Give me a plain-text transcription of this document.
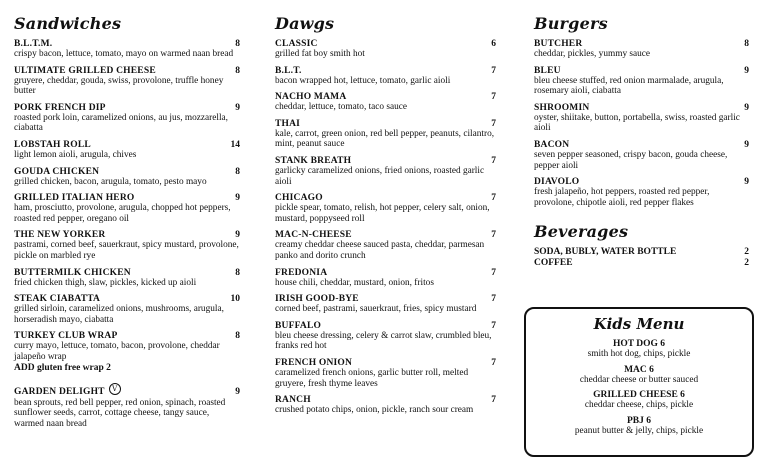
Sandwiches
B.L.T.M.	8
crispy bacon, lettuce, tomato, mayo on warmed naan bread
ULTIMATE GRILLED CHEESE	8
gruyere, cheddar, gouda, swiss, provolone, truffle honey butter
PORK FRENCH DIP	9
roasted pork loin, caramelized onions, au jus, mozzarella, ciabatta
LOBSTAH ROLL	14
light lemon aioli, arugula, chives
GOUDA CHICKEN	8
grilled chicken, bacon, arugula, tomato, pesto mayo
GRILLED ITALIAN HERO	9
ham, prosciutto, provolone, arugula, chopped hot peppers, roasted red pepper, oregano oil
THE NEW YORKER	9
pastrami, corned beef, sauerkraut, spicy mustard, provolone, pickle on marbled rye
BUTTERMILK CHICKEN	8
fried chicken thigh, slaw, pickles, kicked up aioli
STEAK CIABATTA	10
grilled sirloin, caramelized onions, mushrooms, arugula, horseradish mayo, ciabatta
TURKEY CLUB WRAP	8
curry mayo, lettuce, tomato, bacon, provolone, cheddar jalapeño wrap
ADD gluten free wrap 2
GARDEN DELIGHT V	9
bean sprouts, red bell pepper, red onion, spinach, roasted sunflower seeds, carrot, cottage cheese, tangy sauce, warmed naan bread
Dawgs
CLASSIC	6
grilled fat boy smith hot
B.L.T.	7
bacon wrapped hot, lettuce, tomato, garlic aioli
NACHO MAMA	7
cheddar, lettuce, tomato, taco sauce
THAI	7
kale, carrot, green onion, red bell pepper, peanuts, cilantro, mint, peanut sauce
STANK BREATH	7
garlicky caramelized onions, fried onions, roasted garlic aioli
CHICAGO	7
pickle spear, tomato, relish, hot pepper, celery salt, onion, mustard, poppyseed roll
MAC-N-CHEESE	7
creamy cheddar cheese sauced pasta, cheddar, parmesan panko and dorito crunch
FREDONIA	7
house chili, cheddar, mustard, onion, fritos
IRISH GOOD-BYE	7
corned beef, pastrami, sauerkraut, fries, spicy mustard
BUFFALO	7
bleu cheese dressing, celery & carrot slaw, crumbled bleu, franks red hot
FRENCH ONION	7
caramelized french onions, garlic butter roll, melted gruyere, fresh thyme leaves
RANCH	7
crushed potato chips, onion, pickle, ranch sour cream
Burgers
BUTCHER	8
cheddar, pickles, yummy sauce
BLEU	9
bleu cheese stuffed, red onion marmalade, arugula, rosemary aioli, ciabatta
SHROOMIN	9
oyster, shiitake, button, portabella, swiss, roasted garlic aioli
BACON	9
seven pepper seasoned, crispy bacon, gouda cheese, pepper aioli
DIAVOLO	9
fresh jalapeño, hot peppers, roasted red pepper, provolone, chipotle aioli, red pepper flakes
Beverages
SODA, BUBLY, WATER BOTTLE	2
COFFEE	2
Kids Menu
HOT DOG 6
smith hot dog, chips, pickle
MAC 6
cheddar cheese or butter sauced
GRILLED CHEESE 6
cheddar cheese, chips, pickle
PBJ 6
peanut butter & jelly, chips, pickle
